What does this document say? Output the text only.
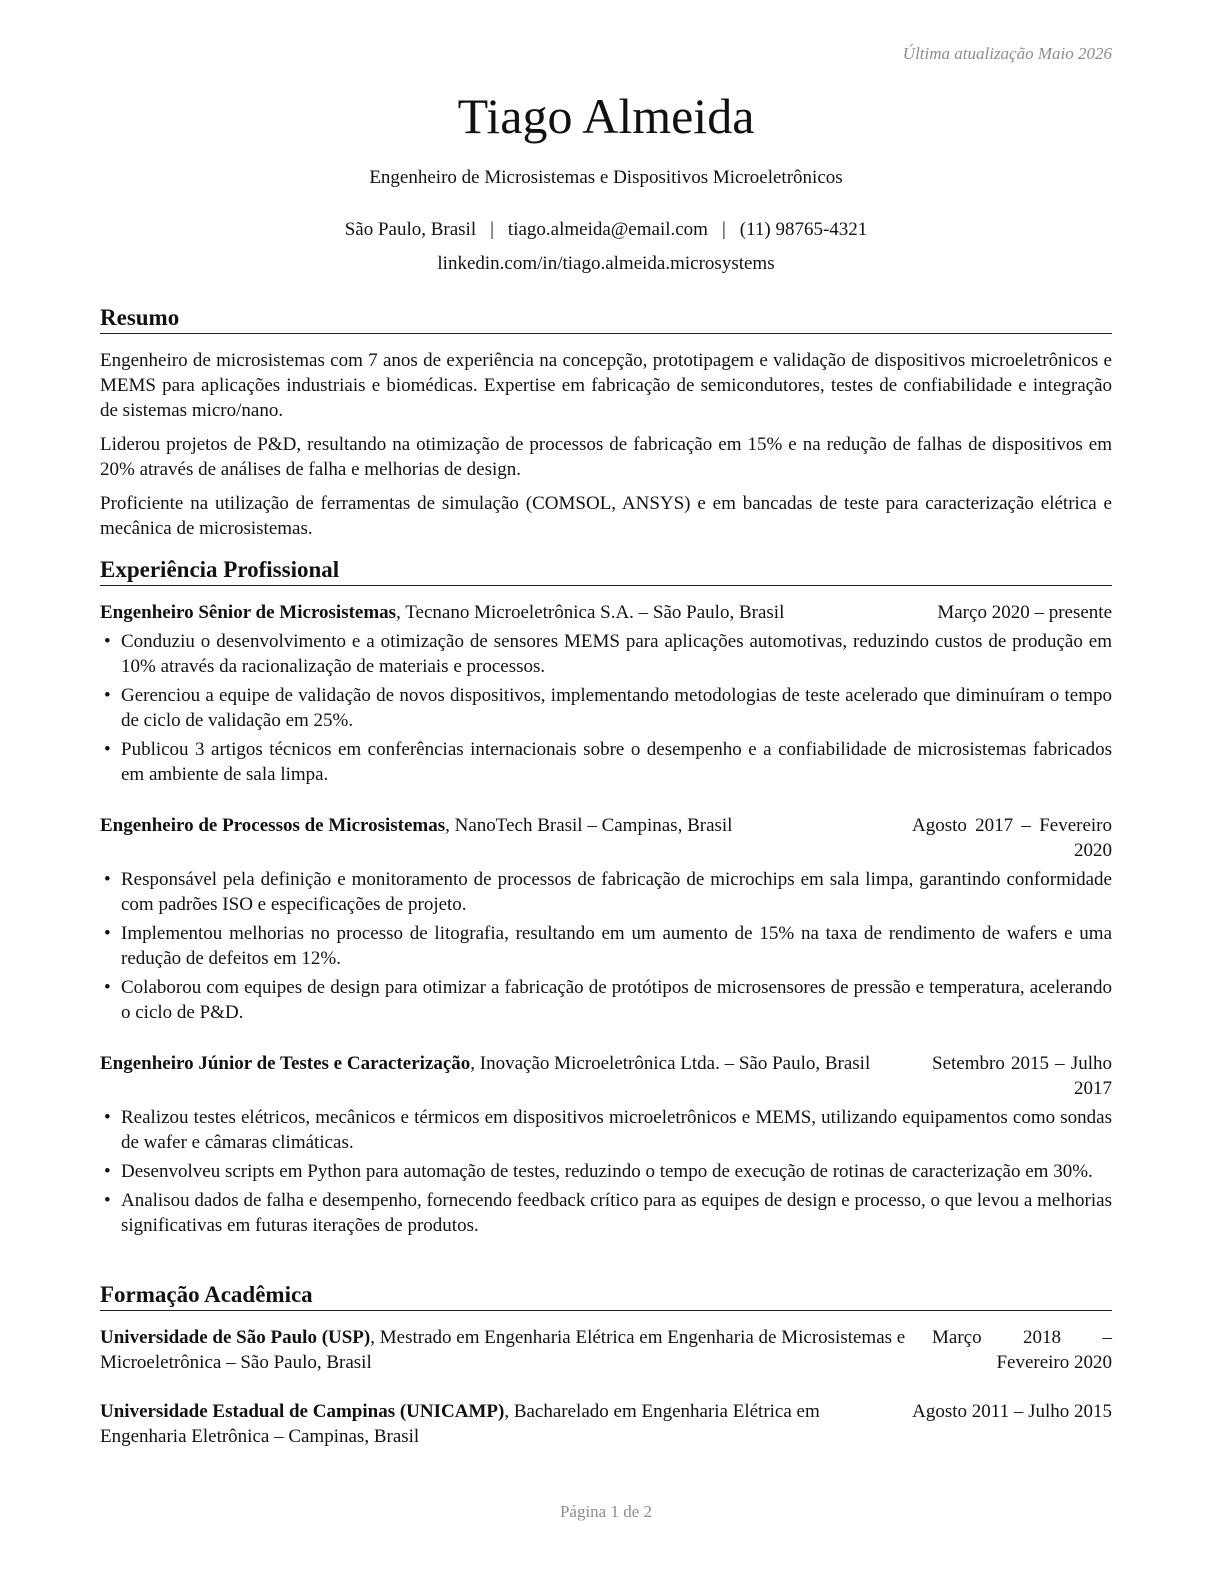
Última atualização Maio 2026
Tiago Almeida
Engenheiro de Microsistemas e Dispositivos Microeletrônicos
São Paulo, Brasil | tiago.almeida@email.com | (11) 98765-4321
linkedin.com/in/tiago.almeida.microsystems
Resumo
Engenheiro de microsistemas com 7 anos de experiência na concepção, prototipagem e validação de dispositivos microeletrônicos e MEMS para aplicações industriais e biomédicas. Expertise em fabricação de semicondutores, testes de confiabilidade e integração de sistemas micro/nano.
Liderou projetos de P&D, resultando na otimização de processos de fabricação em 15% e na redução de falhas de dispositivos em 20% através de análises de falha e melhorias de design.
Proficiente na utilização de ferramentas de simulação (COMSOL, ANSYS) e em bancadas de teste para caracterização elétrica e mecânica de microsistemas.
Experiência Profissional
Engenheiro Sênior de Microsistemas, Tecnano Microeletrônica S.A. – São Paulo, Brasil	Março 2020 – presente
• Conduziu o desenvolvimento e a otimização de sensores MEMS para aplicações automotivas, reduzindo custos de produção em 10% através da racionalização de materiais e processos.
• Gerenciou a equipe de validação de novos dispositivos, implementando metodologias de teste acelerado que diminuíram o tempo de ciclo de validação em 25%.
• Publicou 3 artigos técnicos em conferências internacionais sobre o desempenho e a confiabilidade de microsistemas fabricados em ambiente de sala limpa.
Engenheiro de Processos de Microsistemas, NanoTech Brasil – Campinas, Brasil	Agosto 2017 – Fevereiro 2020
• Responsável pela definição e monitoramento de processos de fabricação de microchips em sala limpa, garantindo conformidade com padrões ISO e especificações de projeto.
• Implementou melhorias no processo de litografia, resultando em um aumento de 15% na taxa de rendimento de wafers e uma redução de defeitos em 12%.
• Colaborou com equipes de design para otimizar a fabricação de protótipos de microsensores de pressão e temperatura, acelerando o ciclo de P&D.
Engenheiro Júnior de Testes e Caracterização, Inovação Microeletrônica Ltda. – São Paulo, Brasil	Setembro 2015 – Julho 2017
• Realizou testes elétricos, mecânicos e térmicos em dispositivos microeletrônicos e MEMS, utilizando equipamentos como sondas de wafer e câmaras climáticas.
• Desenvolveu scripts em Python para automação de testes, reduzindo o tempo de execução de rotinas de caracterização em 30%.
• Analisou dados de falha e desempenho, fornecendo feedback crítico para as equipes de design e processo, o que levou a melhorias significativas em futuras iterações de produtos.
Formação Acadêmica
Universidade de São Paulo (USP), Mestrado em Engenharia Elétrica em Engenharia de Microsistemas e Microeletrônica – São Paulo, Brasil
Março 2018 – Fevereiro 2020
Universidade Estadual de Campinas (UNICAMP), Bacharelado em Engenharia Elétrica em Engenharia Eletrônica – Campinas, Brasil
Agosto 2011 – Julho 2015
Página 1 de 2
